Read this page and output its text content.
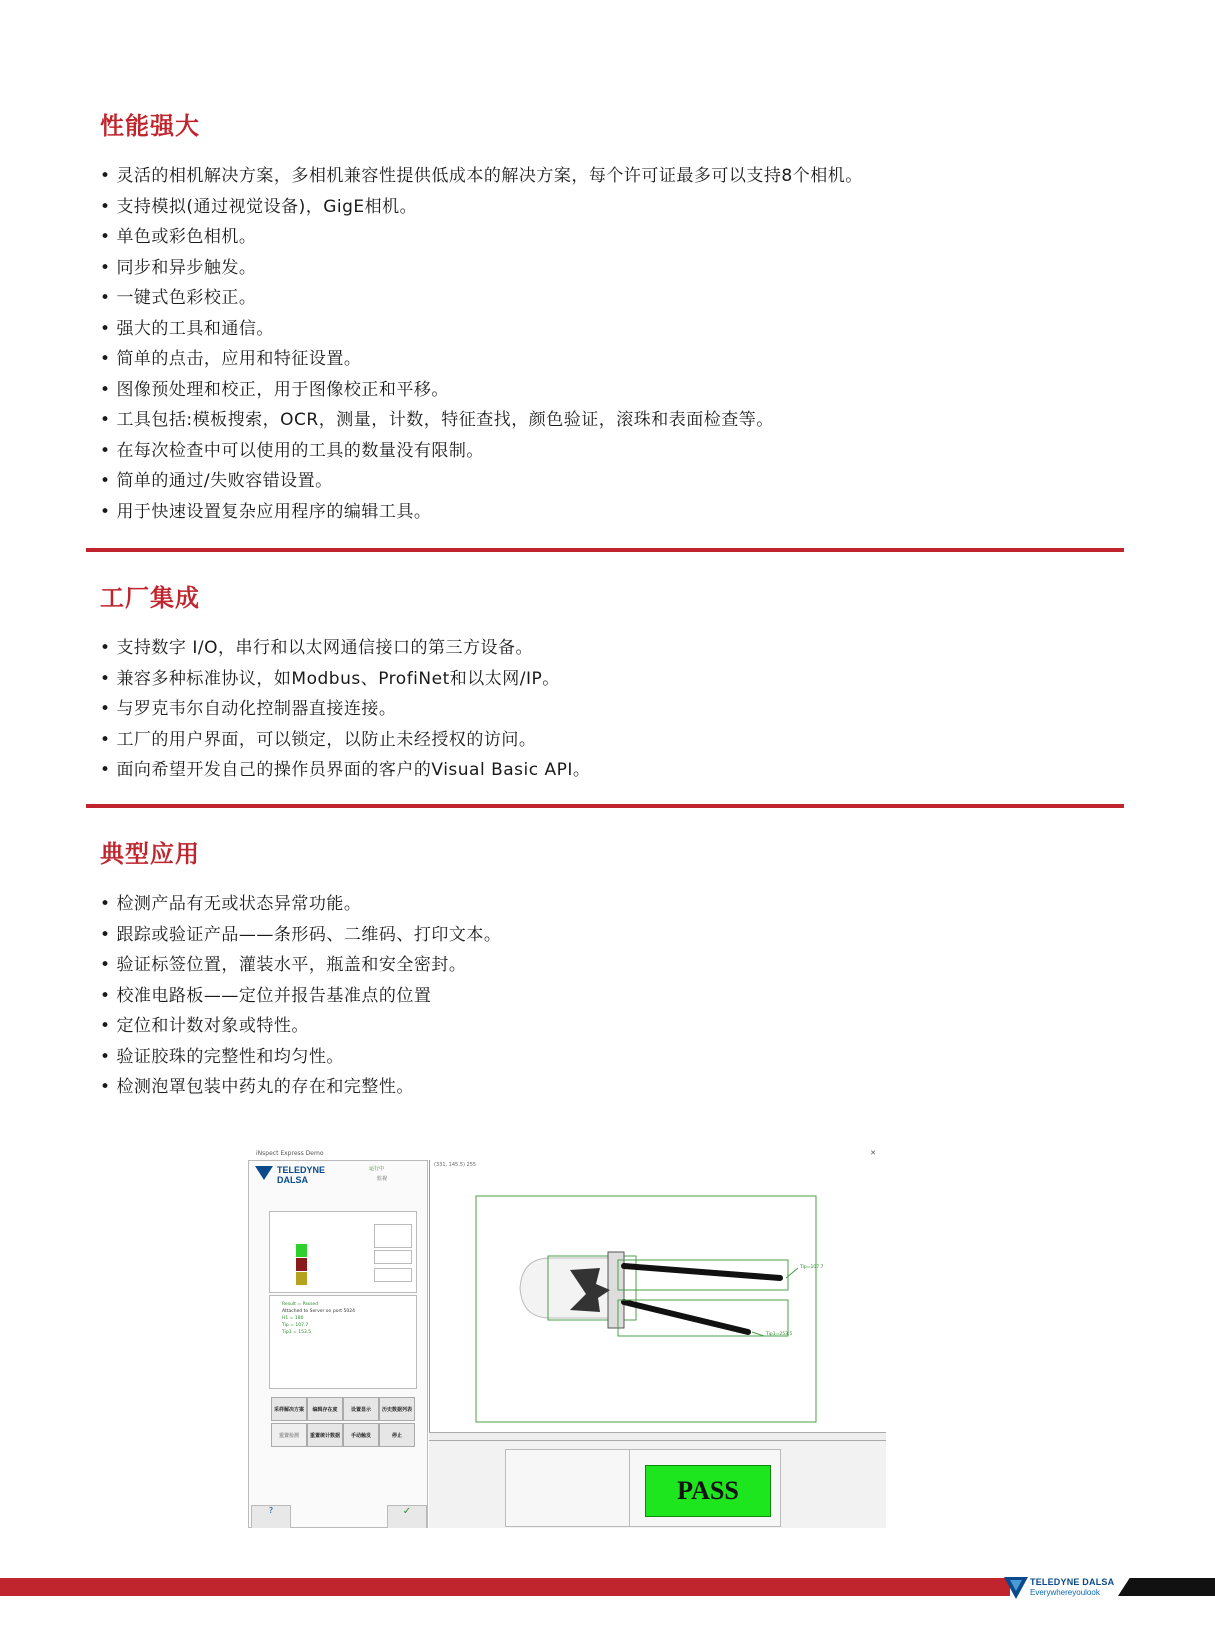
性能强大
• 灵活的相机解决方案，多相机兼容性提供低成本的解决方案，每个许可证最多可以支持8个相机。
• 支持模拟(通过视觉设备)，GigE相机。
• 单色或彩色相机。
• 同步和异步触发。
• 一键式色彩校正。
• 强大的工具和通信。
• 简单的点击，应用和特征设置。
• 图像预处理和校正，用于图像校正和平移。
• 工具包括:模板搜索，OCR，测量，计数，特征查找，颜色验证，滚珠和表面检查等。
• 在每次检查中可以使用的工具的数量没有限制。
• 简单的通过/失败容错设置。
• 用于快速设置复杂应用程序的编辑工具。
工厂集成
• 支持数字 I/O，串行和以太网通信接口的第三方设备。
• 兼容多种标准协议，如Modbus、ProfiNet和以太网/IP。
• 与罗克韦尔自动化控制器直接连接。
• 工厂的用户界面，可以锁定，以防止未经授权的访问。
• 面向希望开发自己的操作员界面的客户的Visual Basic API。
典型应用
• 检测产品有无或状态异常功能。
• 跟踪或验证产品——条形码、二维码、打印文本。
• 验证标签位置，灌装水平，瓶盖和安全密封。
• 校准电路板——定位并报告基准点的位置
• 定位和计数对象或特性。
• 验证胶珠的完整性和均匀性。
• 检测泡罩包装中药丸的存在和完整性。
iNspect Express Demo	✕
TELEDYNE
DALSA
运行中
监视
Result = Passed
Attached to Server on port 5024
H1 = 180
Tip = 107.7
Tip1 = 153.5
采样解决方案	编辑存在度	设置显示	历史数据列表
重置检测	重置统计数据	手动触发	停止
?	✓
(331, 145.5) 255
Tip=107.7
Tip1=253.5
PASS
TELEDYNE DALSA
Everywhereyoulook
